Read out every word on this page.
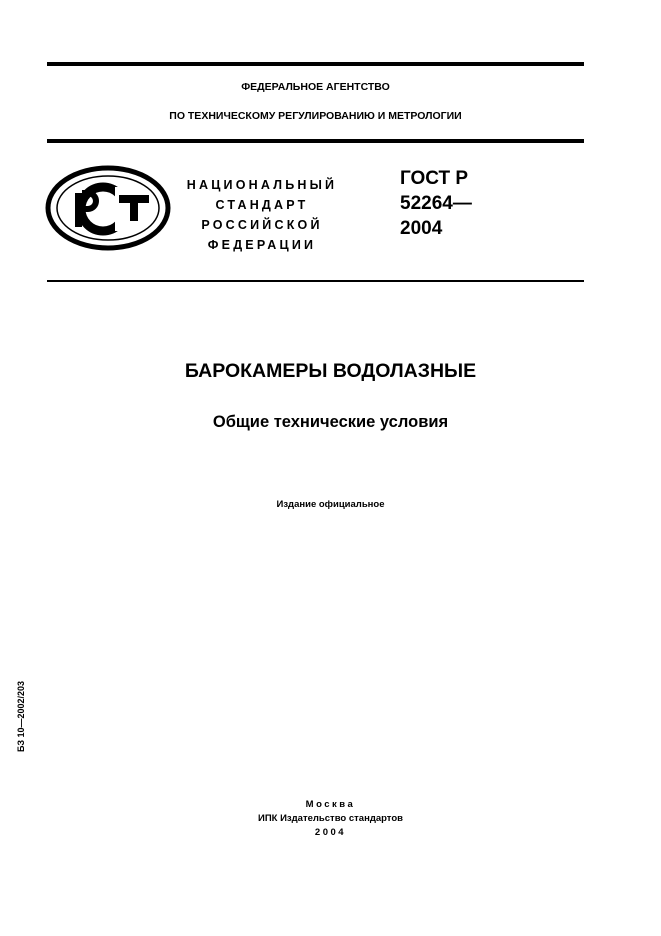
ФЕДЕРАЛЬНОЕ АГЕНТСТВО
ПО ТЕХНИЧЕСКОМУ РЕГУЛИРОВАНИЮ И МЕТРОЛОГИИ
НАЦИОНАЛЬНЫЙ
СТАНДАРТ
РОССИЙСКОЙ
ФЕДЕРАЦИИ
ГОСТ Р
52264—
2004
БАРОКАМЕРЫ ВОДОЛАЗНЫЕ
Общие технические условия
Издание официальное
БЗ 10—2002/203
Москва
ИПК Издательство стандартов
2004
